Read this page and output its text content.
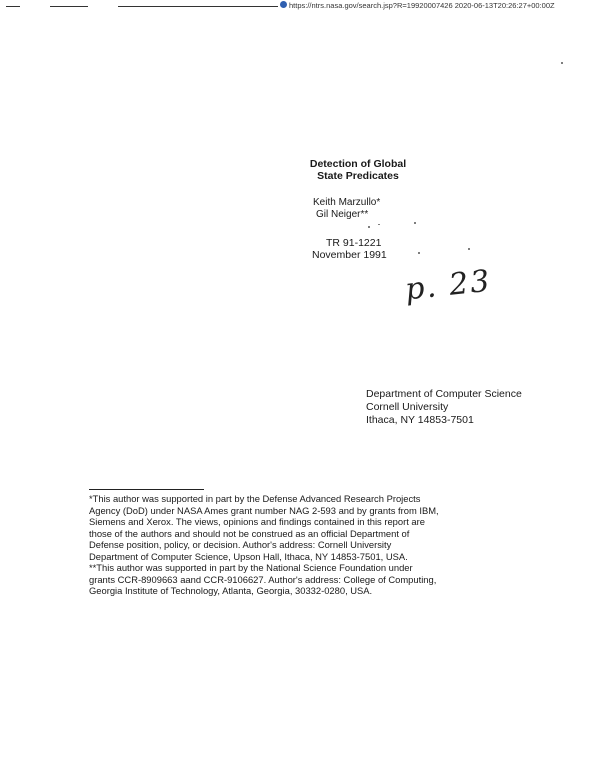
https://ntrs.nasa.gov/search.jsp?R=19920007426 2020-06-13T20:26:27+00:00Z
Detection of Global
State Predicates
Keith Marzullo*
Gil Neiger**
TR 91-1221
November 1991
p. 23
Department of Computer Science
Cornell University
Ithaca, NY 14853-7501
*This author was supported in part by the Defense Advanced Research Projects
Agency (DoD) under NASA Ames grant number NAG 2-593 and by grants from IBM,
Siemens and Xerox. The views, opinions and findings contained in this report are
those of the authors and should not be construed as an official Department of
Defense position, policy, or decision. Author's address: Cornell University
Department of Computer Science, Upson Hall, Ithaca, NY 14853-7501, USA.
**This author was supported in part by the National Science Foundation under
grants CCR-8909663 aand CCR-9106627. Author's address: College of Computing,
Georgia Institute of Technology, Atlanta, Georgia, 30332-0280, USA.
